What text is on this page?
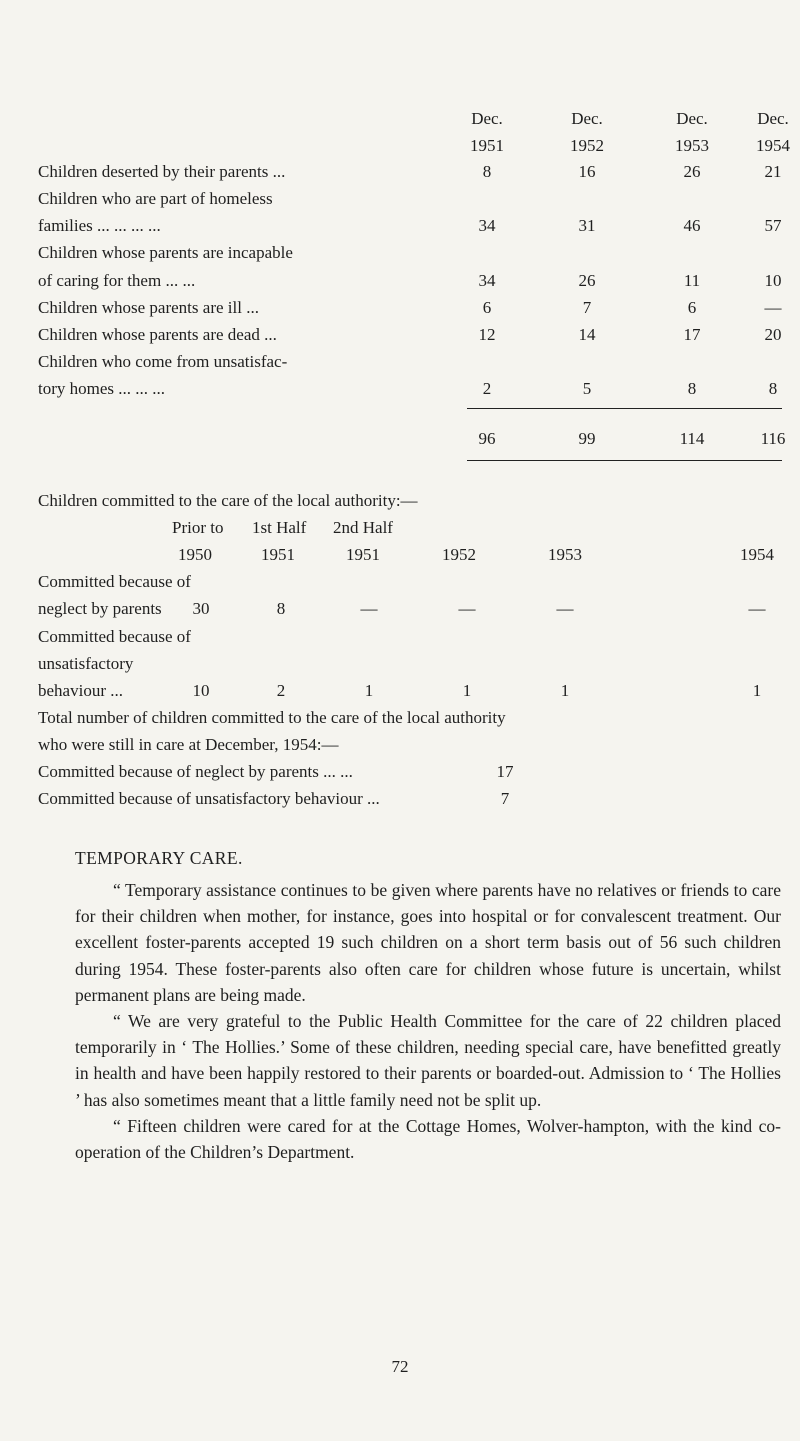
Dec.	Dec.	Dec.	Dec.
1951	1952	1953	1954
Children deserted by their parents ...	8	16	26	21
Children who are part of homeless
families ... ... ... ...	34	31	46	57
Children whose parents are incapable
of caring for them ... ...	34	26	11	10
Children whose parents are ill ...	6	7	6	—
Children whose parents are dead ...	12	14	17	20
Children who come from unsatisfac-
tory homes ... ... ...	2	5	8	8
96	99	114	116
Children committed to the care of the local authority:—
Prior to 1st Half 2nd Half
1950	1951	1951	1952	1953	1954
Committed because of
neglect by parents	30	8	—	—	—	—
Committed because of
unsatisfactory
behaviour ...	10	2	1	1	1	1
Total number of children committed to the care of the local authority
who were still in care at December, 1954:—
Committed because of neglect by parents ... ...	17
Committed because of unsatisfactory behaviour ...	7
TEMPORARY CARE.

“ Temporary assistance continues to be given where parents have no relatives or friends to care for their children when mother, for instance, goes into hospital or for convalescent treatment. Our excellent foster-parents accepted 19 such children on a short term basis out of 56 such children during 1954. These foster-parents also often care for children whose future is uncertain, whilst permanent plans are being made.

“ We are very grateful to the Public Health Committee for the care of 22 children placed temporarily in ‘ The Hollies.’ Some of these children, needing special care, have benefitted greatly in health and have been happily restored to their parents or boarded-out. Admission to ‘ The Hollies ’ has also sometimes meant that a little family need not be split up.

“ Fifteen children were cared for at the Cottage Homes, Wolver-hampton, with the kind co-operation of the Children’s Department.

72
